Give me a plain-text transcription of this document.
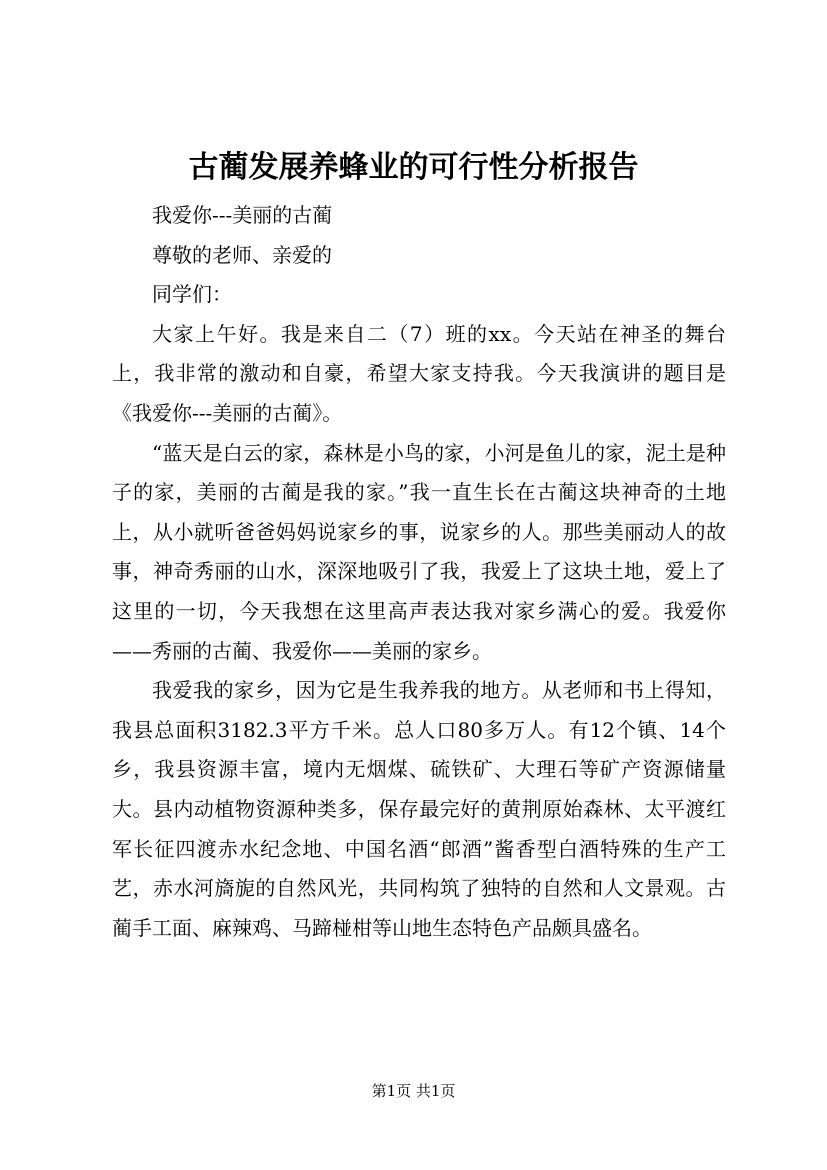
古蔺发展养蜂业的可行性分析报告

我爱你---美丽的古蔺

尊敬的老师、亲爱的

同学们：

大家上午好。我是来自二（7）班的xx。今天站在神圣的舞台上，我非常的激动和自豪，希望大家支持我。今天我演讲的题目是《我爱你---美丽的古蔺》。

“蓝天是白云的家，森林是小鸟的家，小河是鱼儿的家，泥土是种子的家，美丽的古蔺是我的家。”我一直生长在古蔺这块神奇的土地上，从小就听爸爸妈妈说家乡的事，说家乡的人。那些美丽动人的故事，神奇秀丽的山水，深深地吸引了我，我爱上了这块土地，爱上了这里的一切，今天我想在这里高声表达我对家乡满心的爱。我爱你——秀丽的古蔺、我爱你——美丽的家乡。

我爱我的家乡，因为它是生我养我的地方。从老师和书上得知，我县总面积3182.3平方千米。总人口80多万人。有12个镇、14个乡，我县资源丰富，境内无烟煤、硫铁矿、大理石等矿产资源储量大。县内动植物资源种类多，保存最完好的黄荆原始森林、太平渡红军长征四渡赤水纪念地、中国名酒“郎酒”酱香型白酒特殊的生产工艺，赤水河旖旎的自然风光，共同构筑了独特的自然和人文景观。古蔺手工面、麻辣鸡、马蹄椪柑等山地生态特色产品颇具盛名。

第1页 共1页
